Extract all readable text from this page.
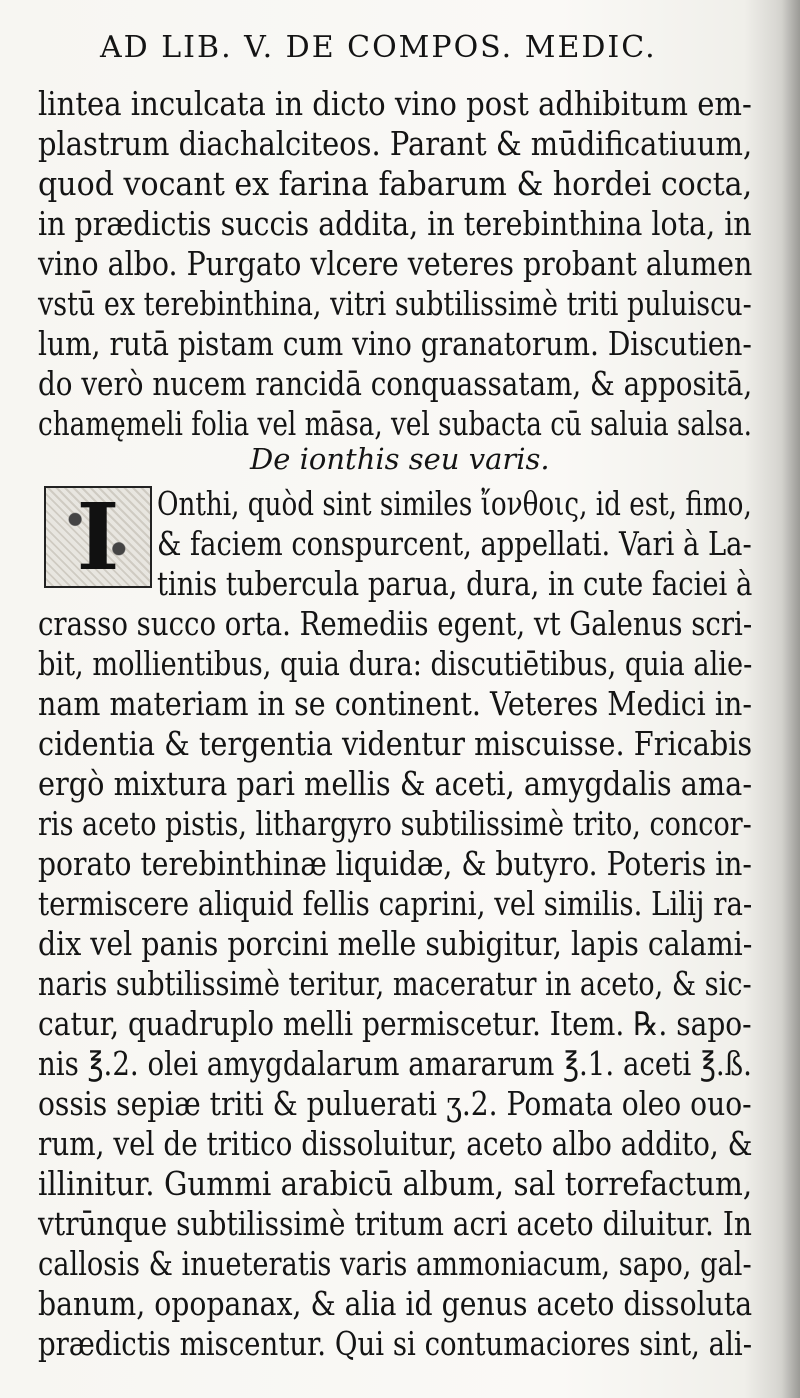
AD LIB. V. DE COMPOS. MEDIC.
lintea inculcata in dicto vino post adhibitum em-
plastrum diachalciteos. Parant & mūdificatiuum,
quod vocant ex farina fabarum & hordei cocta,
in prædictis succis addita, in terebinthina lota, in
vino albo. Purgato vlcere veteres probant alumen
vstū ex terebinthina, vitri subtilissimè triti puluiscu-
lum, rutā pistam cum vino granatorum. Discutien-
do verò nucem rancidā conquassatam, & appositā,
chamęmeli folia vel māsa, vel subacta cū saluia salsa.
De ionthis seu varis.
I Onthi, quòd sint similes ἴονθοις, id est, fimo,
& faciem conspurcent, appellati. Vari à La-
tinis tubercula parua, dura, in cute faciei à
crasso succo orta. Remediis egent, vt Galenus scri-
bit, mollientibus, quia dura: discutiētibus, quia alie-
nam materiam in se continent. Veteres Medici in-
cidentia & tergentia videntur miscuisse. Fricabis
ergò mixtura pari mellis & aceti, amygdalis ama-
ris aceto pistis, lithargyro subtilissimè trito, concor-
porato terebinthinæ liquidæ, & butyro. Poteris in-
termiscere aliquid fellis caprini, vel similis. Lilij ra-
dix vel panis porcini melle subigitur, lapis calami-
naris subtilissimè teritur, maceratur in aceto, & sic-
catur, quadruplo melli permiscetur. Item. ℞. sapo-
nis ℥.2. olei amygdalarum amararum ℥.1. aceti ℥.ß.
ossis sepiæ triti & puluerati ʒ.2. Pomata oleo ouo-
rum, vel de tritico dissoluitur, aceto albo addito, &
illinitur. Gummi arabicū album, sal torrefactum,
vtrūnque subtilissimè tritum acri aceto diluitur. In
callosis & inueteratis varis ammoniacum, sapo, gal-
banum, opopanax, & alia id genus aceto dissoluta
prædictis miscentur. Qui si contumaciores sint, ali-
